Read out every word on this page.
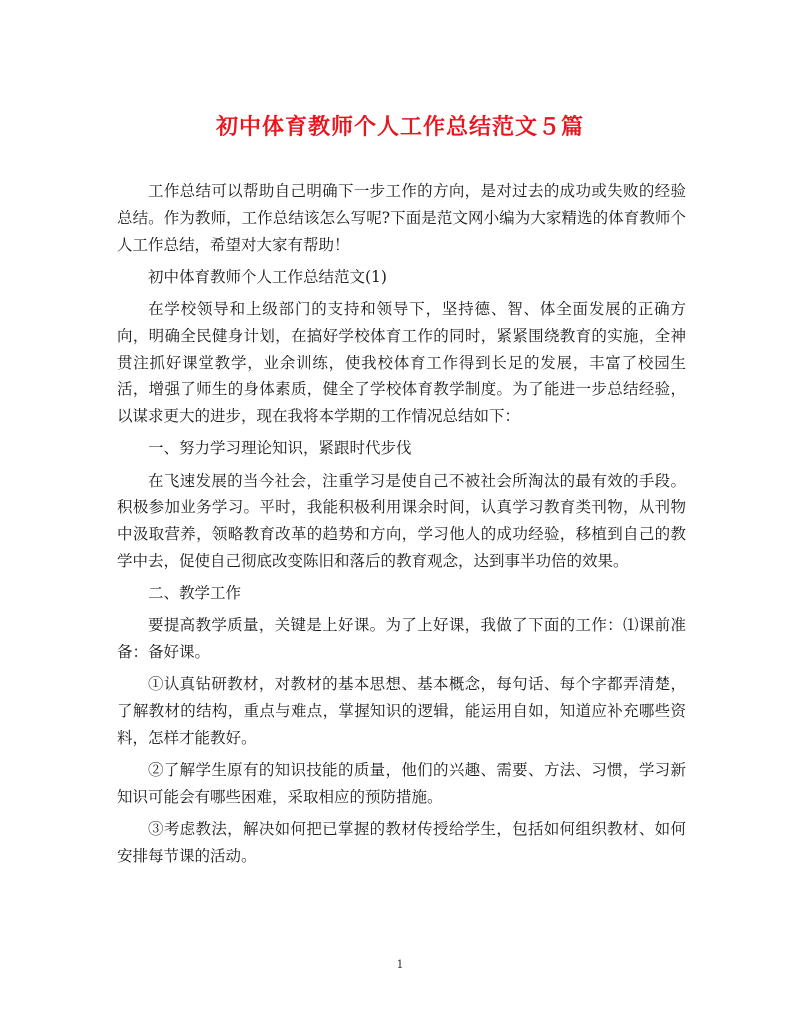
初中体育教师个人工作总结范文５篇

工作总结可以帮助自己明确下一步工作的方向，是对过去的成功或失败的经验总结。作为教师，工作总结该怎么写呢?下面是范文网小编为大家精选的体育教师个人工作总结，希望对大家有帮助！

初中体育教师个人工作总结范文(1)

在学校领导和上级部门的支持和领导下，坚持德、智、体全面发展的正确方向，明确全民健身计划，在搞好学校体育工作的同时，紧紧围绕教育的实施，全神贯注抓好课堂教学，业余训练，使我校体育工作得到长足的发展，丰富了校园生活，增强了师生的身体素质，健全了学校体育教学制度。为了能进一步总结经验，以谋求更大的进步，现在我将本学期的工作情况总结如下：

一、努力学习理论知识，紧跟时代步伐

在飞速发展的当今社会，注重学习是使自己不被社会所淘汰的最有效的手段。积极参加业务学习。平时，我能积极利用课余时间，认真学习教育类刊物，从刊物中汲取营养，领略教育改革的趋势和方向，学习他人的成功经验，移植到自己的教学中去，促使自己彻底改变陈旧和落后的教育观念，达到事半功倍的效果。

二、教学工作

要提高教学质量，关键是上好课。为了上好课，我做了下面的工作：⑴课前准备：备好课。

①认真钻研教材，对教材的基本思想、基本概念，每句话、每个字都弄清楚，了解教材的结构，重点与难点，掌握知识的逻辑，能运用自如，知道应补充哪些资料，怎样才能教好。

②了解学生原有的知识技能的质量，他们的兴趣、需要、方法、习惯，学习新知识可能会有哪些困难，采取相应的预防措施。

③考虑教法，解决如何把已掌握的教材传授给学生，包括如何组织教材、如何安排每节课的活动。

1
